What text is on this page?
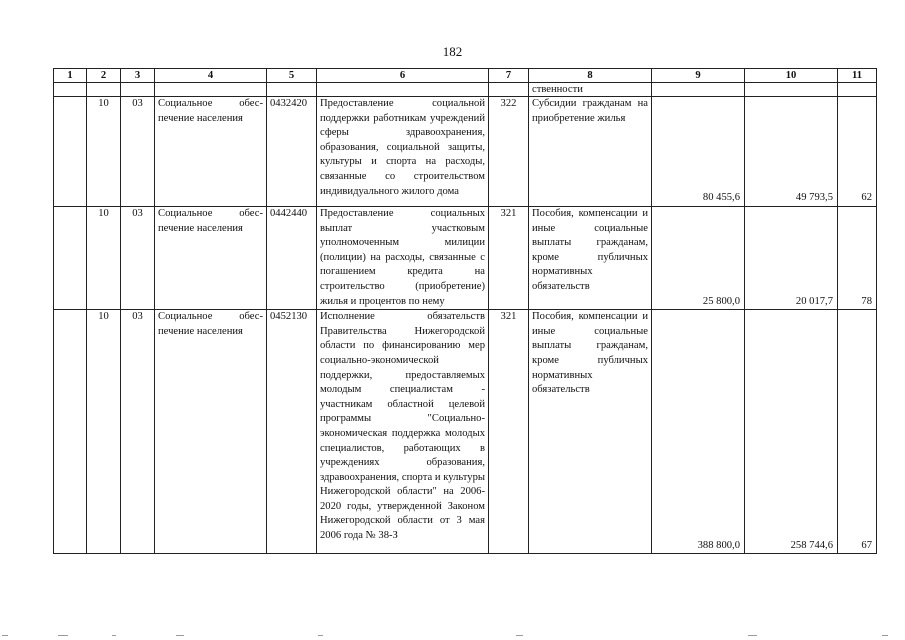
182
1	2	3	4	5	6	7	8	9	10	11
							ственности			
	10	03	Социальное обес-печение населения	0432420	Предоставление социальной поддержки работникам учреждений сферы здравоохранения, образования, социальной защиты, культуры и спорта на расходы, связанные со строительством индивидуального жилого дома	322	Субсидии гражданам на приобретение жилья	80 455,6	49 793,5	62
	10	03	Социальное обес-печение населения	0442440	Предоставление социальных выплат участковым уполномоченным милиции (полиции) на расходы, связанные с погашением кредита на строительство (приобретение) жилья и процентов по нему	321	Пособия, компенсации и иные социальные выплаты гражданам, кроме публичных нормативных обязательств	25 800,0	20 017,7	78
	10	03	Социальное обес-печение населения	0452130	Исполнение обязательств Правительства Нижегородской области по финансированию мер социально-экономической поддержки, предоставляемых молодым специалистам - участникам областной целевой программы "Социально-экономическая поддержка молодых специалистов, работающих в учреждениях образования, здравоохранения, спорта и культуры Нижегородской области" на 2006-2020 годы, утвержденной Законом Нижегородской области от 3 мая 2006 года № 38-З	321	Пособия, компенсации и иные социальные выплаты гражданам, кроме публичных нормативных обязательств	388 800,0	258 744,6	67
